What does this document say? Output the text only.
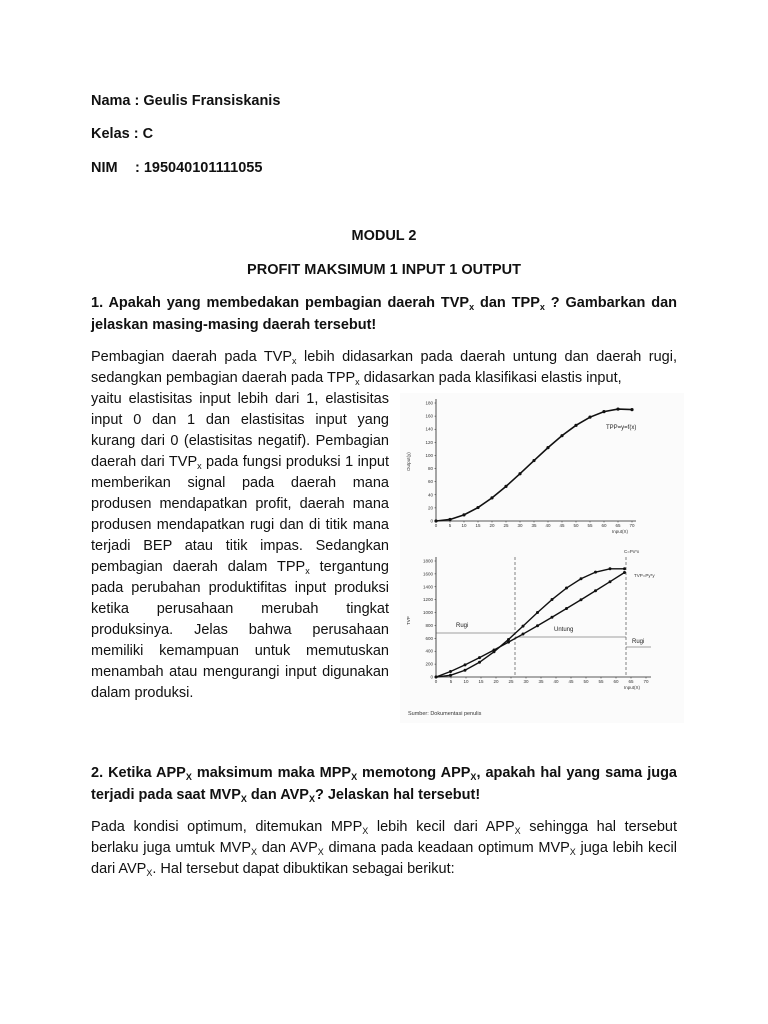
Nama : Geulis Fransiskanis
Kelas : C
NIM : 195040101111055
MODUL 2
PROFIT MAKSIMUM 1 INPUT 1 OUTPUT
1. Apakah yang membedakan pembagian daerah $TVP_x$ dan $TPP_x$ ? Gambarkan dan jelaskan masing-masing daerah tersebut!
Pembagian daerah pada $TVP_x$ lebih didasarkan pada daerah untung dan daerah rugi, sedangkan pembagian daerah pada $TPP_x$ didasarkan pada klasifikasi elastis input,
yaitu elastisitas input lebih dari 1, elastisitas input 0 dan 1 dan elastisitas input yang kurang dari 0 (elastisitas negatif). Pembagian daerah dari $TVP_x$ pada fungsi produksi 1 input memberikan signal pada daerah mana produsen mendapatkan profit, daerah mana produsen mendapatkan rugi dan di titik mana terjadi BEP atau titik impas. Sedangkan pembagian daerah dalam $TPP_x$ tergantung pada perubahan produktifitas input produksi ketika perusahaan merubah tingkat produksinya. Jelas bahwa perusahaan memiliki kemampuan untuk memutuskan menambah atau mengurangi input digunakan dalam produksi.
0
20
40
60
80
100
120
140
160
180
0	5 10 15 20 25 30 35 40 45 50 55 60 65 70
TPP=y=f(x)
Output(y)
Input(X)
0
200
400
600
800
1000
1200
1400
1600
1800
0	5 10 15 20 25 30 35 40 45 50 55 60 65 70
Rugi
Untung
Rugi
C=Px*x
TVP=Py*y
TVP
Input(X)
Sumber: Dokumentasi penulis
2. Ketika $APP_X$ maksimum maka $MPP_X$ memotong $APP_X$, apakah hal yang sama juga terjadi pada saat $MVP_X$ dan $AVP_X$? Jelaskan hal tersebut!
Pada kondisi optimum, ditemukan $MPP_X$ lebih kecil dari $APP_X$ sehingga hal tersebut berlaku juga umtuk $MVP_X$ dan $AVP_X$ dimana pada keadaan optimum $MVP_X$ juga lebih kecil dari $AVP_X$. Hal tersebut dapat dibuktikan sebagai berikut:
